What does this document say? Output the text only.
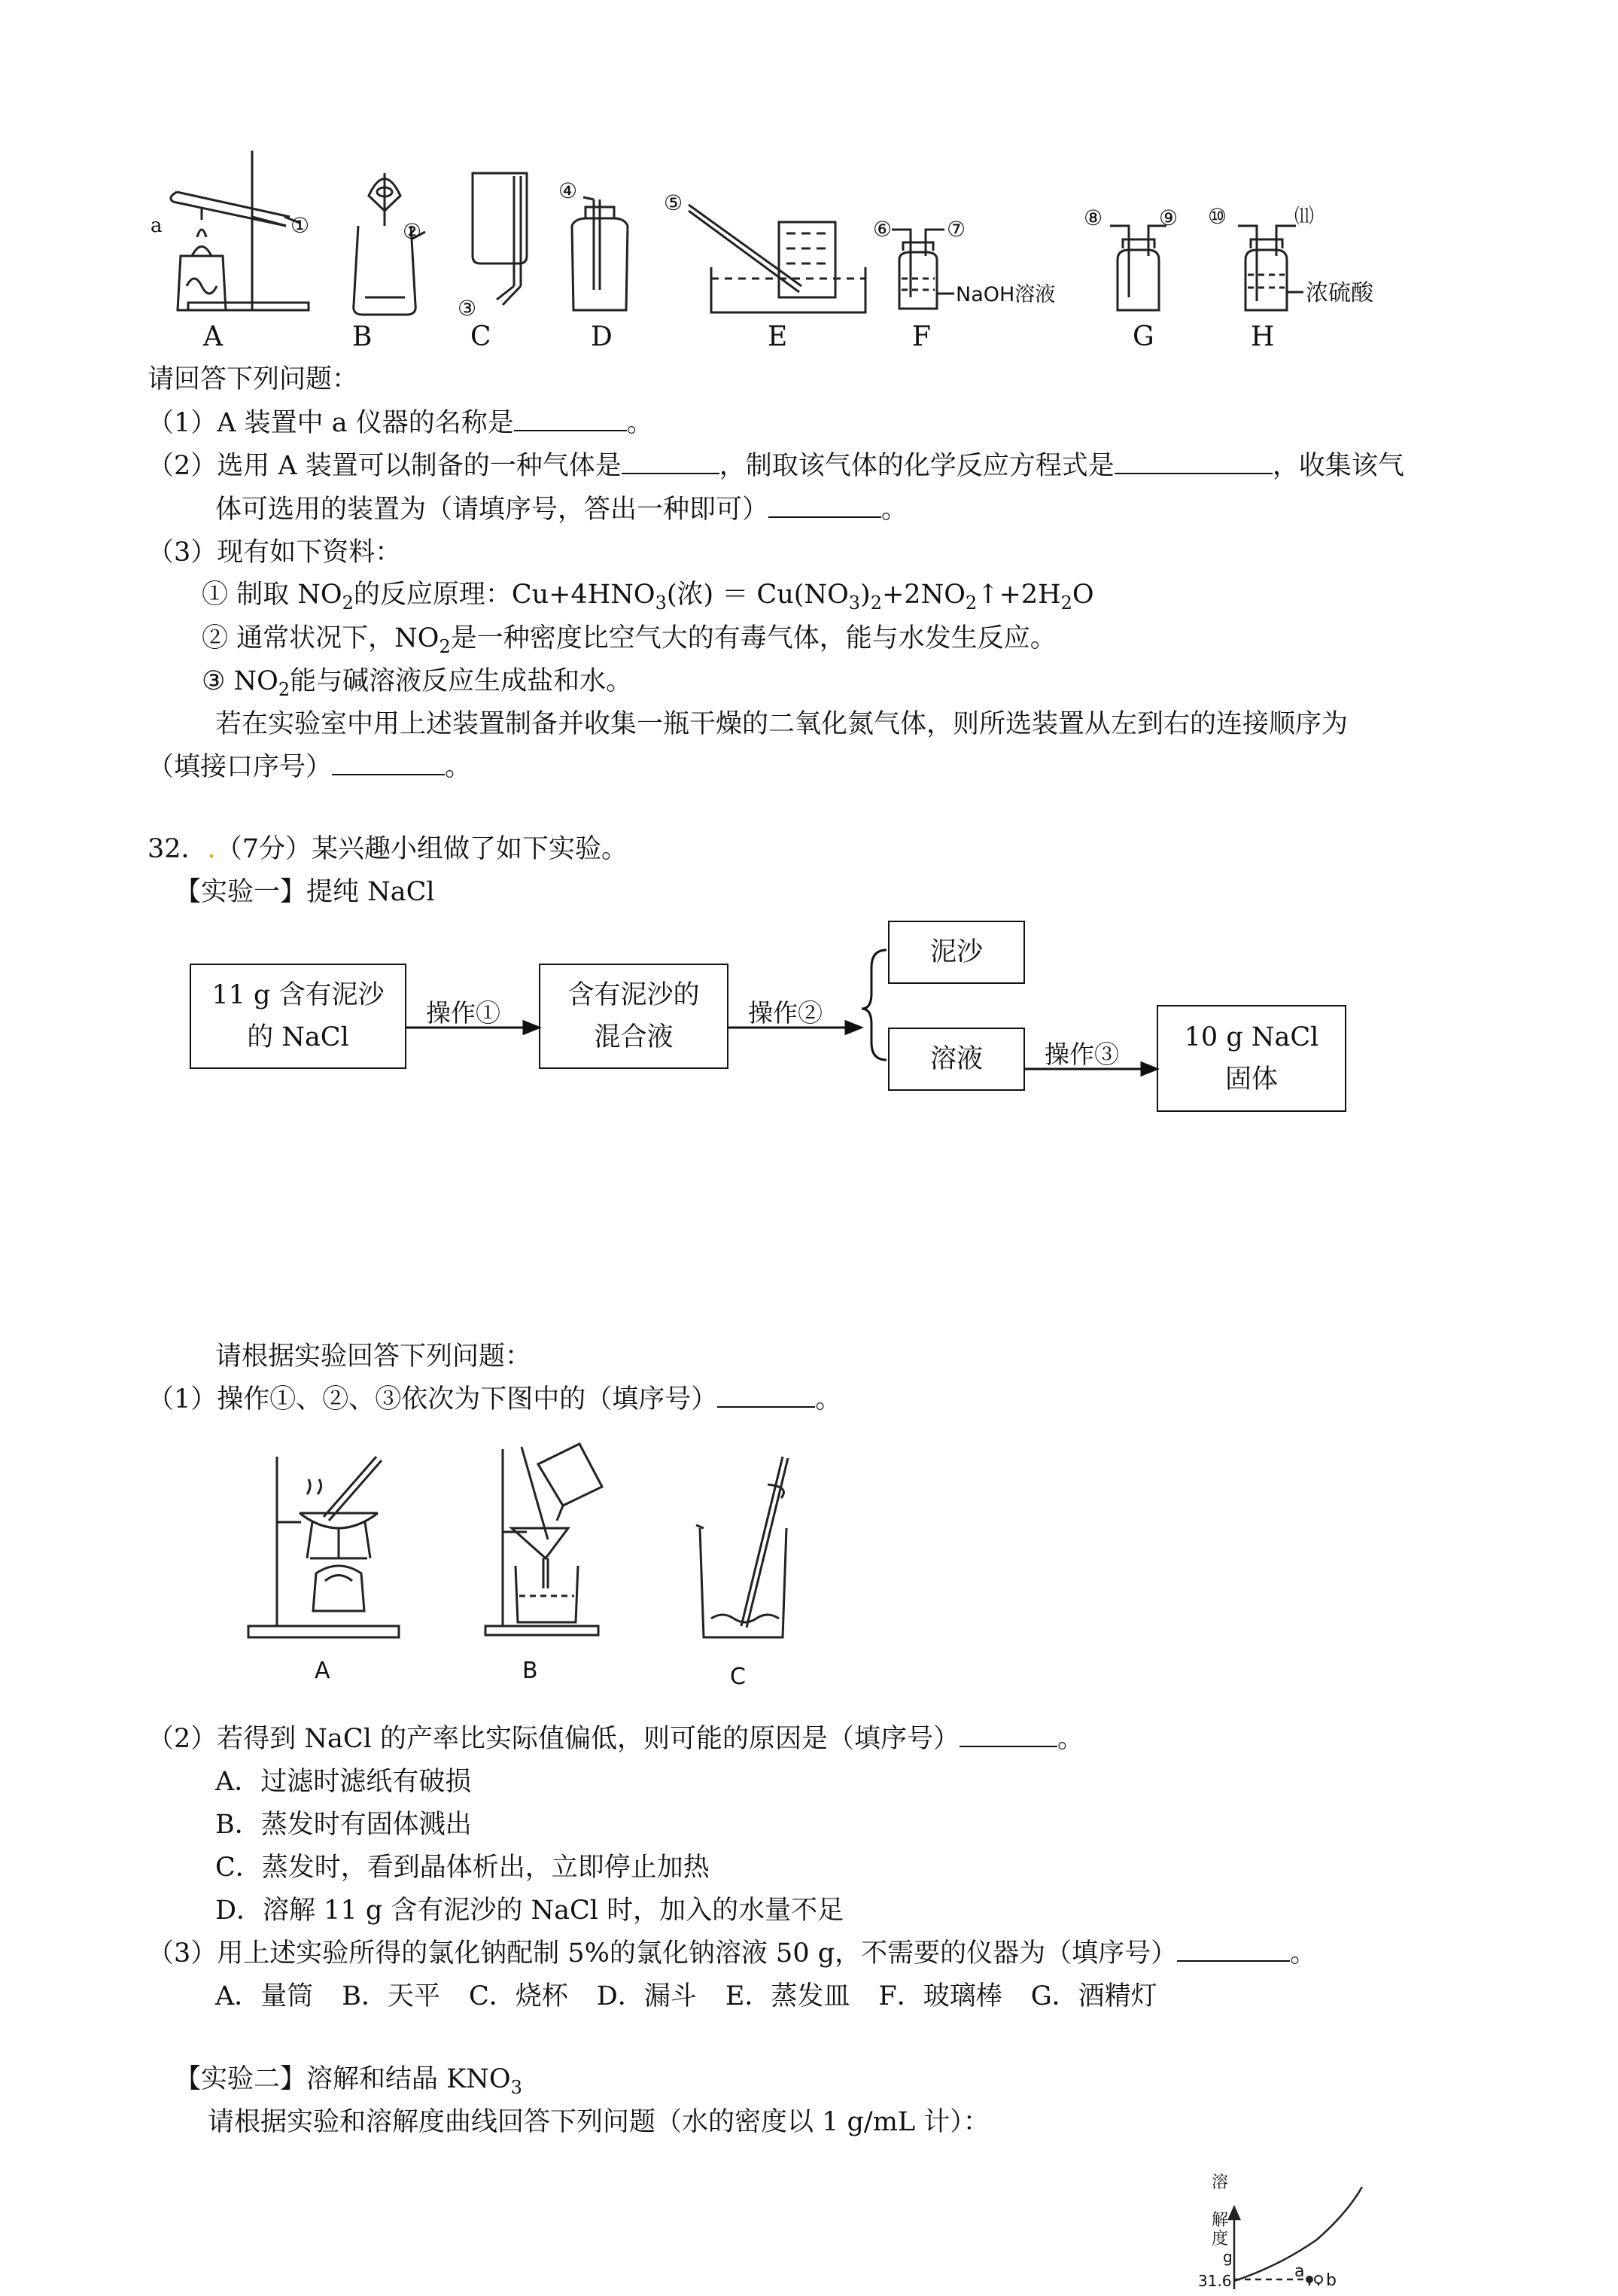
a	①	②
③
④	⑤
⑥	⑦
NaOH溶液
⑧	⑨ ⑩	⑾
浓硫酸
A	B	C	D	E	F	G	H
请回答下列问题：
（1）A 装置中 a 仪器的名称是	。
（2）选用 A 装置可以制备的一种气体是	，制取该气体的化学反应方程式是	，收集该气
体可选用的装置为（请填序号，答出一种即可）	。
（3）现有如下资料：
① 制取 $NO_2$的反应原理：$Cu+4HNO_3$(浓) ＝ $Cu(NO_3)_2+2NO_2↑+2H_2O$
② 通常状况下，$NO_2$是一种密度比空气大的有毒气体，能与水发生反应。
③ $NO_2$能与碱溶液反应生成盐和水。
若在实验室中用上述装置制备并收集一瓶干燥的二氧化氮气体，则所选装置从左到右的连接顺序为
（填接口序号）	。
32．.（7分）某兴趣小组做了如下实验。
【实验一】提纯 NaCl
11 g 含有泥沙
的 NaCl
含有泥沙的
混合液
泥沙
溶液
10 g NaCl
固体
操作①	操作②
操作③
请根据实验回答下列问题：
（1）操作①、②、③依次为下图中的（填序号）	。
A	B	C
（2）若得到 NaCl 的产率比实际值偏低，则可能的原因是（填序号）	。
A．过滤时滤纸有破损
B．蒸发时有固体溅出
C．蒸发时，看到晶体析出，立即停止加热
D．溶解 11 g 含有泥沙的 NaCl 时，加入的水量不足
（3）用上述实验所得的氯化钠配制 5%的氯化钠溶液 50 g，不需要的仪器为（填序号）	。
A．量筒 B．天平 C．烧杯 D．漏斗 E．蒸发皿 F．玻璃棒 G．酒精灯
【实验二】溶解和结晶 $KNO_3$
请根据实验和溶解度曲线回答下列问题（水的密度以 1 g/mL 计）：
溶
解
度
g
31.6	a b
